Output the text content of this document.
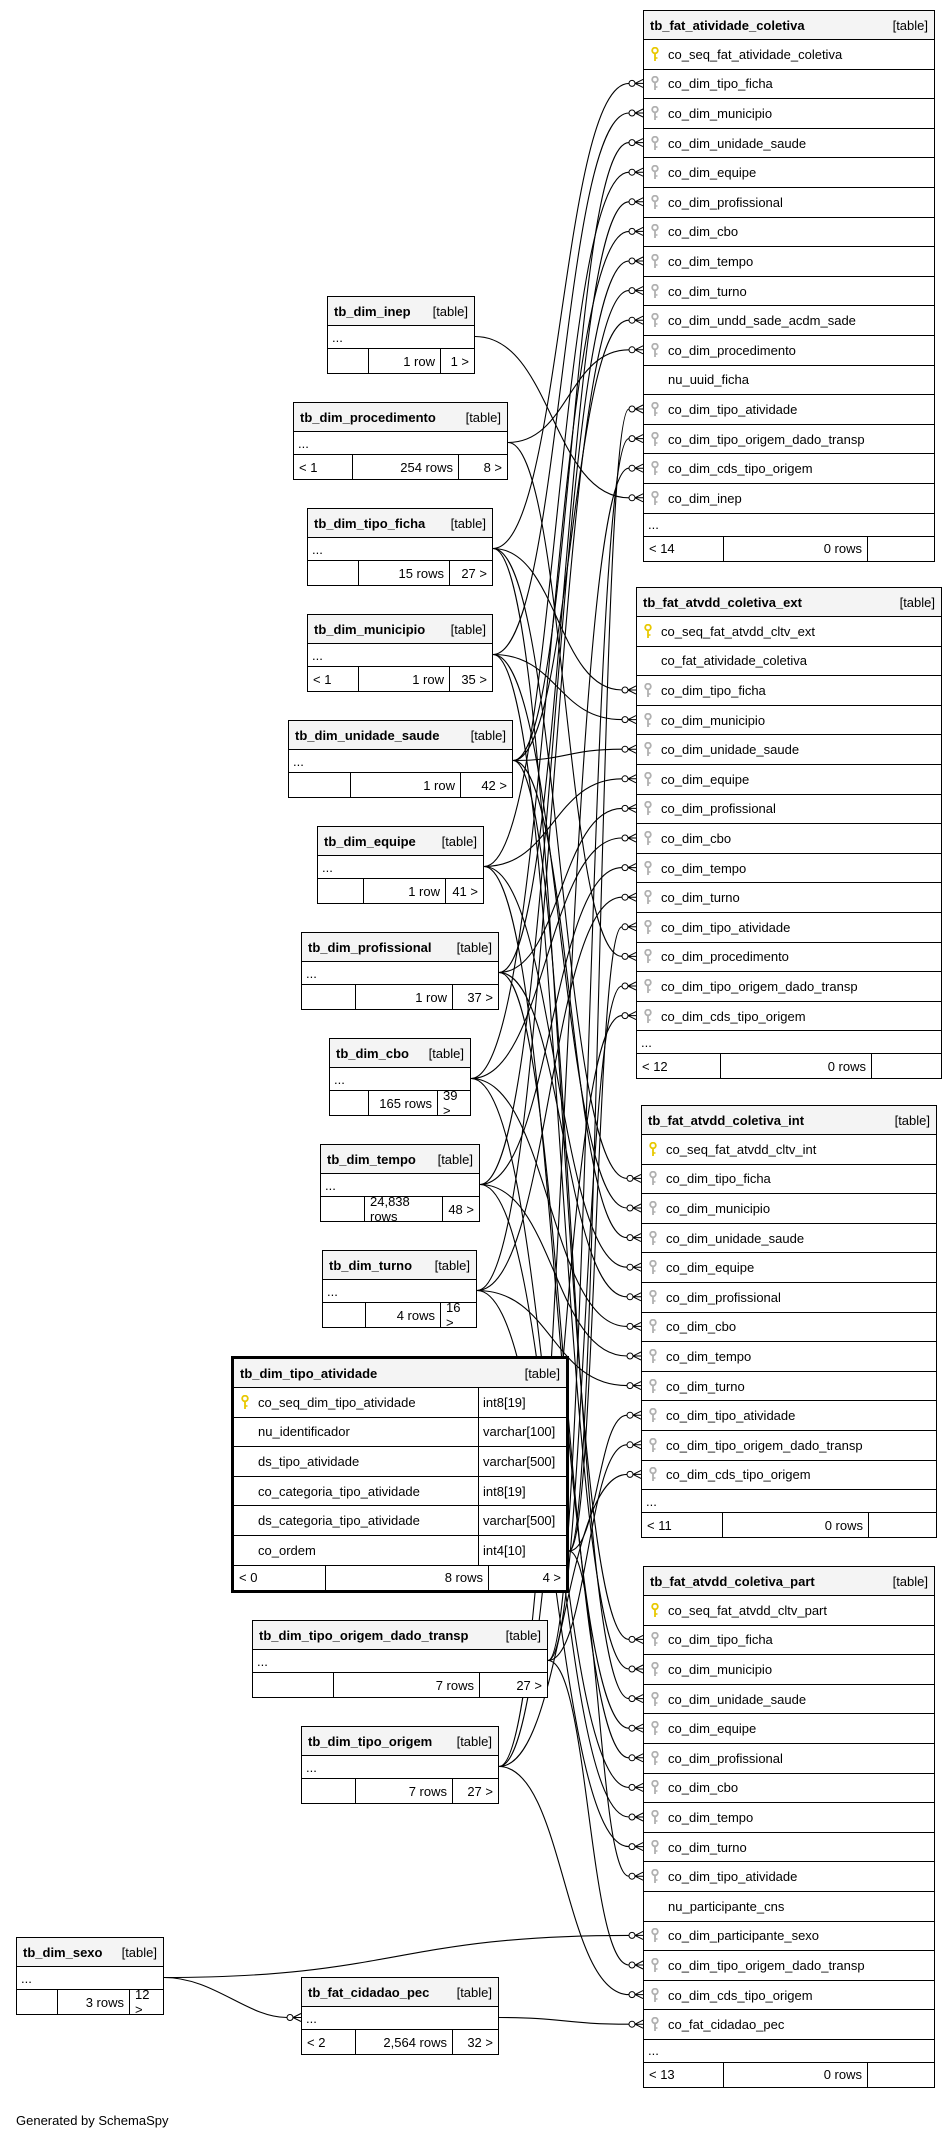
tb_fat_atividade_coletiva	[table]
co_seq_fat_atividade_coletiva
co_dim_tipo_ficha
co_dim_municipio
co_dim_unidade_saude
co_dim_equipe
co_dim_profissional
co_dim_cbo
co_dim_tempo
co_dim_turno
co_dim_undd_sade_acdm_sade
co_dim_procedimento
nu_uuid_ficha
co_dim_tipo_atividade
co_dim_tipo_origem_dado_transp
co_dim_cds_tipo_origem
co_dim_inep
...
< 14	0 rows
tb_fat_atvdd_coletiva_ext	[table]
co_seq_fat_atvdd_cltv_ext
co_fat_atividade_coletiva
co_dim_tipo_ficha
co_dim_municipio
co_dim_unidade_saude
co_dim_equipe
co_dim_profissional
co_dim_cbo
co_dim_tempo
co_dim_turno
co_dim_tipo_atividade
co_dim_procedimento
co_dim_tipo_origem_dado_transp
co_dim_cds_tipo_origem
...
< 12	0 rows
tb_fat_atvdd_coletiva_int	[table]
co_seq_fat_atvdd_cltv_int
co_dim_tipo_ficha
co_dim_municipio
co_dim_unidade_saude
co_dim_equipe
co_dim_profissional
co_dim_cbo
co_dim_tempo
co_dim_turno
co_dim_tipo_atividade
co_dim_tipo_origem_dado_transp
co_dim_cds_tipo_origem
...
< 11	0 rows
tb_fat_atvdd_coletiva_part	[table]
co_seq_fat_atvdd_cltv_part
co_dim_tipo_ficha
co_dim_municipio
co_dim_unidade_saude
co_dim_equipe
co_dim_profissional
co_dim_cbo
co_dim_tempo
co_dim_turno
co_dim_tipo_atividade
nu_participante_cns
co_dim_participante_sexo
co_dim_tipo_origem_dado_transp
co_dim_cds_tipo_origem
co_fat_cidadao_pec
...
< 13	0 rows
tb_dim_inep [table]
...
1 row	1 >
tb_dim_procedimento [table]
...
< 1	254 rows	8 >
tb_dim_tipo_ficha [table]
...
15 rows	27 >
tb_dim_municipio [table]
...
< 1	1 row	35 >
tb_dim_unidade_saude [table]
...
1 row	42 >
tb_dim_equipe [table]
...
1 row 41 >
tb_dim_profissional [table]
...
1 row	37 >
tb_dim_cbo [table]
...
165 rows 39 >
tb_dim_tempo [table]
...
24,838 rows	48 >
tb_dim_turno [table]
...
4 rows 16 >
tb_dim_tipo_atividade	[table]
co_seq_dim_tipo_atividade	int8[19]
nu_identificador	varchar[100]
ds_tipo_atividade	varchar[500]
co_categoria_tipo_atividade	int8[19]
ds_categoria_tipo_atividade	varchar[500]
co_ordem	int4[10]
< 0	8 rows	4 >
tb_dim_tipo_origem_dado_transp	[table]
...
7 rows	27 >
tb_dim_tipo_origem [table]
...
7 rows	27 >
tb_dim_sexo [table]
...
3 rows 12 >
tb_fat_cidadao_pec [table]
...
< 2	2,564 rows	32 >
Generated by SchemaSpy
